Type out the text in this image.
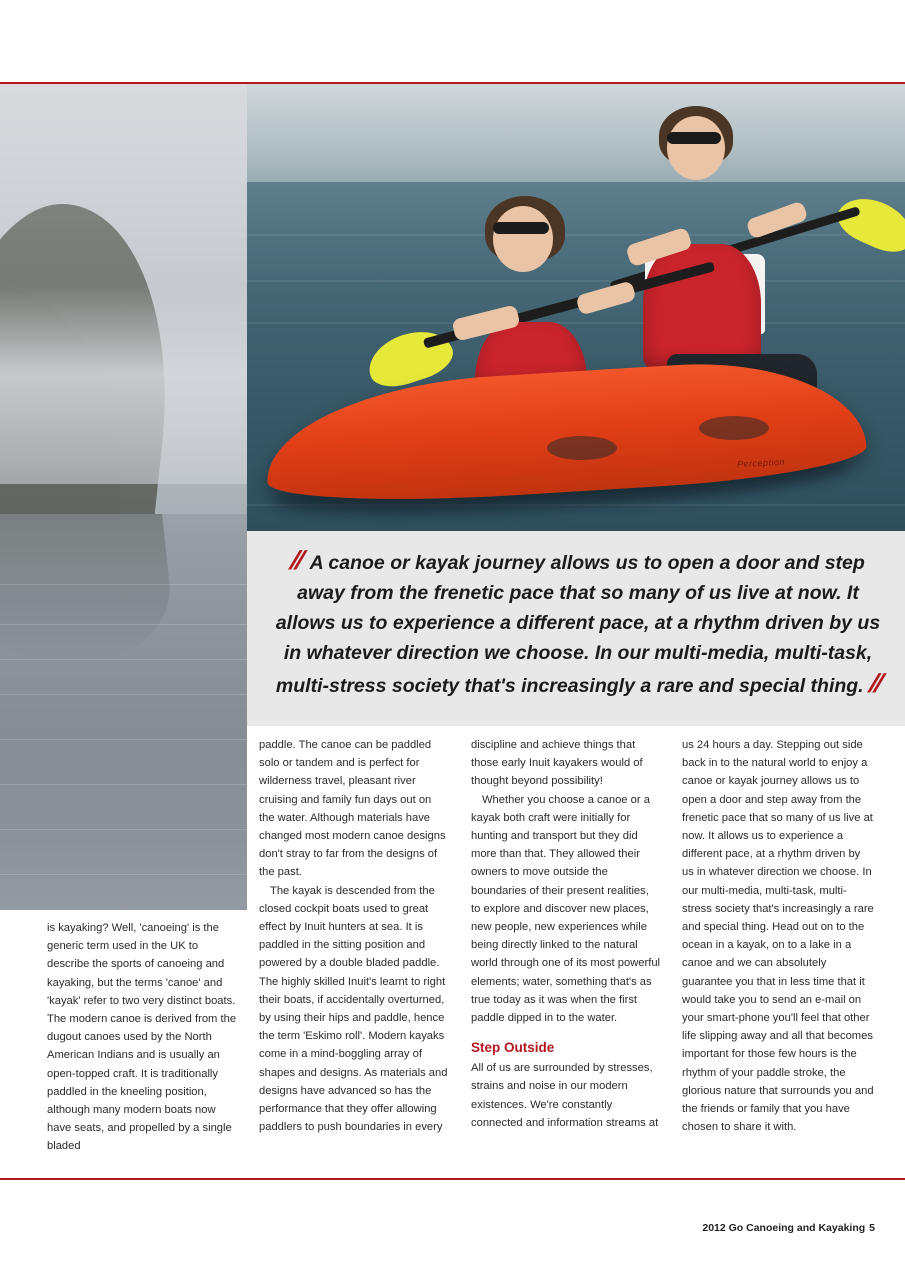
Perception

// A canoe or kayak journey allows us to open a door and step away from the frenetic pace that so many of us live at now. It allows us to experience a different pace, at a rhythm driven by us in whatever direction we choose. In our multi-media, multi-task, multi-stress society that's increasingly a rare and special thing. //

is kayaking? Well, 'canoeing' is the generic term used in the UK to describe the sports of canoeing and kayaking, but the terms 'canoe' and 'kayak' refer to two very distinct boats. The modern canoe is derived from the dugout canoes used by the North American Indians and is usually an open-topped craft. It is traditionally paddled in the kneeling position, although many modern boats now have seats, and propelled by a single bladed

paddle. The canoe can be paddled solo or tandem and is perfect for wilderness travel, pleasant river cruising and family fun days out on the water. Although materials have changed most modern canoe designs don't stray to far from the designs of the past.

The kayak is descended from the closed cockpit boats used to great effect by Inuit hunters at sea. It is paddled in the sitting position and powered by a double bladed paddle. The highly skilled Inuit's learnt to right their boats, if accidentally overturned, by using their hips and paddle, hence the term 'Eskimo roll'. Modern kayaks come in a mind-boggling array of shapes and designs. As materials and designs have advanced so has the performance that they offer allowing paddlers to push boundaries in every

discipline and achieve things that those early Inuit kayakers would of thought beyond possibility!

Whether you choose a canoe or a kayak both craft were initially for hunting and transport but they did more than that. They allowed their owners to move outside the boundaries of their present realities, to explore and discover new places, new people, new experiences while being directly linked to the natural world through one of its most powerful elements; water, something that's as true today as it was when the first paddle dipped in to the water.

Step Outside

All of us are surrounded by stresses, strains and noise in our modern existences. We're constantly connected and information streams at

us 24 hours a day. Stepping out side back in to the natural world to enjoy a canoe or kayak journey allows us to open a door and step away from the frenetic pace that so many of us live at now. It allows us to experience a different pace, at a rhythm driven by us in whatever direction we choose. In our multi-media, multi-task, multi-stress society that's increasingly a rare and special thing. Head out on to the ocean in a kayak, on to a lake in a canoe and we can absolutely guarantee you that in less time that it would take you to send an e-mail on your smart-phone you'll feel that other life slipping away and all that becomes important for those few hours is the rhythm of your paddle stroke, the glorious nature that surrounds you and the friends or family that you have chosen to share it with.

2012 Go Canoeing and Kayaking 5
